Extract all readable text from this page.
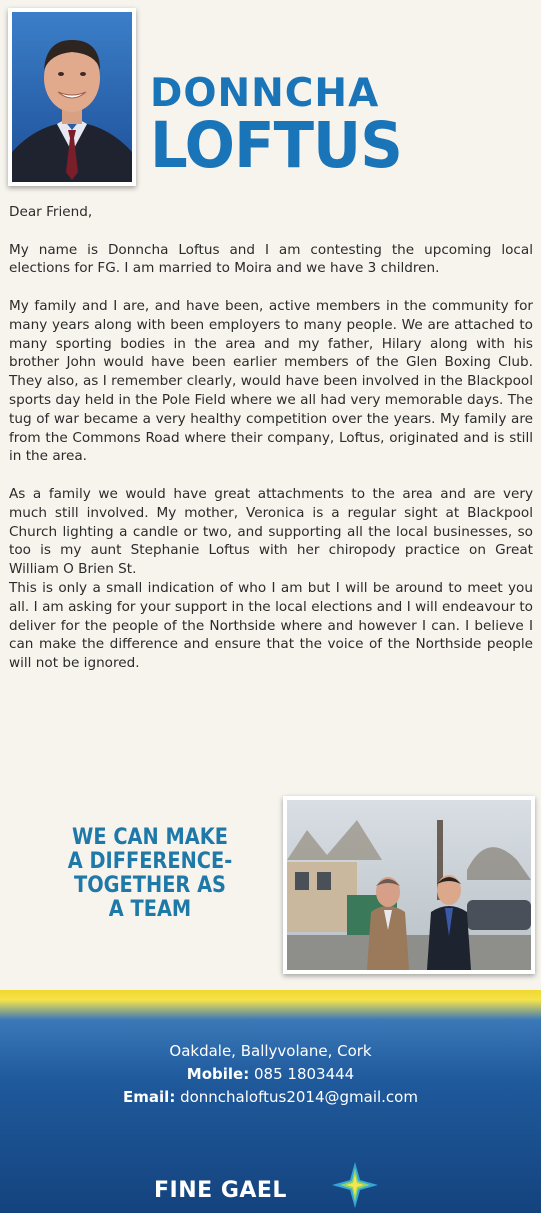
DONNCHA
LOFTUS

Dear Friend,

My name is Donncha Loftus and I am contesting the upcoming local elections for FG. I am married to Moira and we have 3 children.

My family and I are, and have been, active members in the community for many years along with been employers to many people. We are attached to many sporting bodies in the area and my father, Hilary along with his brother John would have been earlier members of the Glen Boxing Club. They also, as I remember clearly, would have been involved in the Blackpool sports day held in the Pole Field where we all had very memorable days. The tug of war became a very healthy competition over the years. My family are from the Commons Road where their company, Loftus, originated and is still in the area.

As a family we would have great attachments to the area and are very much still involved. My mother, Veronica is a regular sight at Blackpool Church lighting a candle or two, and supporting all the local businesses, so too is my aunt Stephanie Loftus with her chiropody practice on Great William O Brien St.

This is only a small indication of who I am but I will be around to meet you all. I am asking for your support in the local elections and I will endeavour to deliver for the people of the Northside where and however I can. I believe I can make the difference and ensure that the voice of the Northside people will not be ignored.

WE CAN MAKE
A DIFFERENCE-
TOGETHER AS
A TEAM
Oakdale, Ballyvolane, Cork
Mobile: 085 1803444
Email: donnchaloftus2014@gmail.com
FINE GAEL
